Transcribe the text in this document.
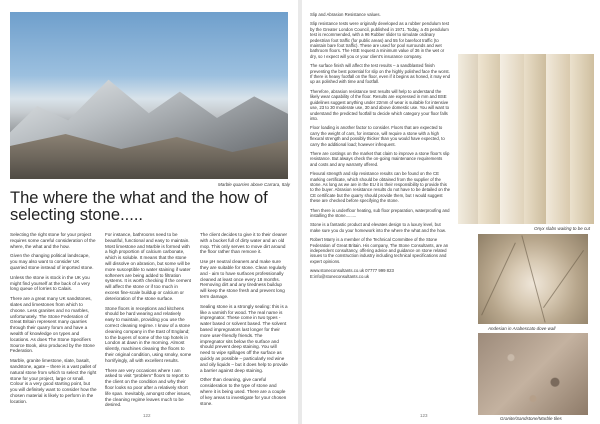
Marble quarries above Carrara, Italy
The where the what and the how of selecting stone.....

Selecting the right stone for your project requires some careful consideration of the where, the what and the how.

Given the changing political landscape, you may also want to consider UK quarried stone instead of imported stone.

Unless the stone is stock in the UK you might find yourself at the back of a very long queue of lorries to Calais.

There are a great many UK sandstones, slates and limestones from which to choose. Less granites and no marbles, unfortunately. The Stone Federation of Great Britain represent many quarries through their quarry forum and have a wealth of knowledge on types and locations. As does The Stone Specifiers Source Book, also produced by the Stone Federation.

Marble, granite limestone, slate, basalt, sandstone, agate – there is a vast pallet of natural stone from which to select the right stone for your project, large or small. Colour is a very good starting point, but you will definitely want to consider how the chosen material is likely to perform in the location.

For instance, bathrooms need to be beautiful, functional and easy to maintain. Most limestone and Marble is formed with a high proportion of calcium carbonate, which is soluble. It means that the stone will dissolve on abrasion, but some will be more susceptible to water staining if water softeners are being added to filtration systems. It is worth checking if the cement will affect the stone or if too much in excess fine-scale buildup or calcium or deterioration of the stone surface.

Stone floors in receptions and kitchens should be hard wearing and relatively easy to maintain, providing you use the correct cleaning regime. I know of a stone cleaning company in the East of England; to the buyers of some of the top hotels in London at dawn in the morning. Almost silently, machines cleaning the floors to their original condition, using smoky, some horrifyingly, all with excellent results.

There are very occasions where I am asked to visit "problem" floors to report to the client on the condition and why their floor looks so poor after a relatively short life span. Inevitably, amongst other issues, the cleaning regime leaves much to be desired.

The client decides to give it to their cleaner with a bucket full of dirty water and an old mop. This only serves to move dirt around the floor rather than remove it.

Use pH neutral cleaners and make sure they are suitable for stone. Clean regularly and - aim to have surfaces professionally cleaned at least once every 18 months. Removing dirt and any tiredness buildup will keep the stone fresh and prevent long term damage.

Sealing stone is a strongly sealing: this is a like a varnish for wood. The real name is impregnator. These come in two types - water based or solvent based. The solvent based impregnators last longer for their more user-friendly friends. The impregnator sits below the surface and should prevent deep staining. You will need to wipe spillages off the surface as quickly as possible – particularly red wine and oily liquids – but it does help to provide a barrier against deep staining.

Other than cleaning, give careful consideration to the type of stone and where it is being used. There are a couple of key areas to investigate for your chosen stone.

122

Slip and Abrasion Resistance values.

Slip resistance tests were originally developed as a rubber pendulum test by the Greater London Council, published in 1971. Today, a 45 pendulum test is recommended, with a 96 Rubber slider to simulate ordinary pedestrian foot traffic (for public areas) and 55 for barefoot traffic (to maintain bare foot traffic). These are used for pool surrounds and wet bathroom floors. The HSE request a minimum value of 36 in the wet or dry, so I expect will you or your client's insurance company.

The surface finish will affect the test results – a sandblasted finish preventing the best potential for slip on the highly polished face the worst. If there is heavy footfall on the floor, even if it begins as honed, it may end up as polished with time and footfall.

Therefore, abrasion resistance test results will help to understand the likely wear capability of the floor. Results are expressed in mm and BSE guidelines suggest anything under 22mm of wear is suitable for intensive use, 23 to 30 moderate use, 30 and above domestic use. You will want to understand the predicted footfall to decide which category your floor falls into.

Floor loading is another factor to consider. Floors that are expected to carry the weight of cars, for instance, will require a stone with a high flexural strength and possibly thicker than you would have expected, to carry the additional load; however infrequent.

There are costings on the market that claim to improve a stone floor's slip resistance. But always check the on-going maintenance requirements and costs and any warranty offered.

Flexural strength and slip resistance results can be found on the CE marking certificate, which should be obtained from the supplier of the stone. As long as we are in the EU it is their responsibility to provide this to the buyer. Abrasion resistance results do not have to be detailed on the CE certificate but the quarry should provide them, but I would suggest these are checked before specifying the stone.

Then there is underfloor heating, sub floor preparation, waterproofing and installing the stone.........

Stone is a fantastic product and elevates design to a luxury level, but make sure you do your homework into the where the what and the how.

Robert Marry is a member of the Technical Committee of the Stone Federation of Great Britain. His company, The Stone Consultants, are an independent consultancy, offering advice and guidance on stone related issues to the construction industry including technical specifications and expert opinions.

www.stoneconsultants.co.uk 07777 999 823

E:info@stoneconsultants.co.uk

Onyx slabs waiting to be cut
Andesian in Arabescato dove wall
Granite/Sandstone/Marble tiles
123
